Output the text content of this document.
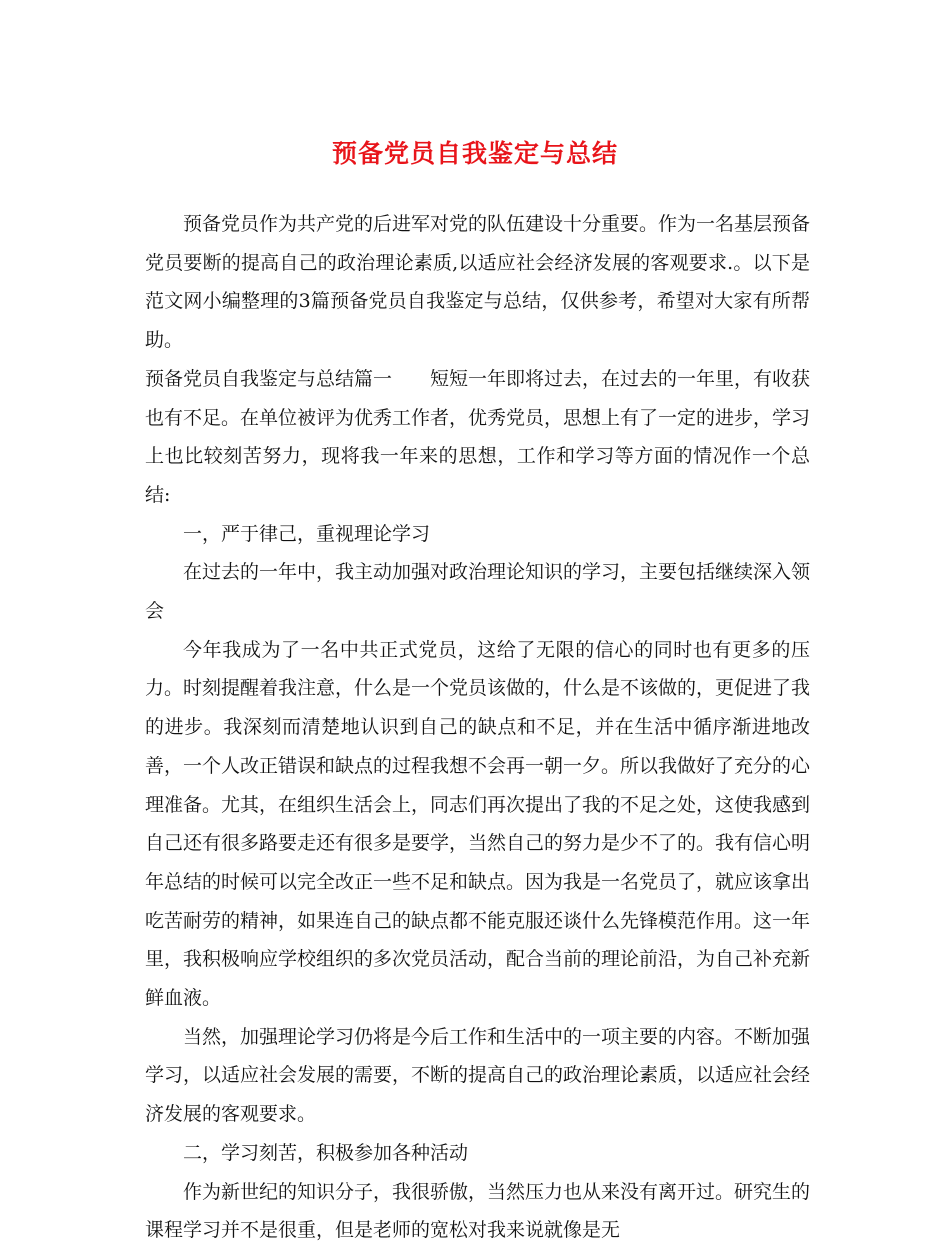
预备党员自我鉴定与总结

预备党员作为共产党的后进军对党的队伍建设十分重要。作为一名基层预备党员要断的提高自己的政治理论素质,以适应社会经济发展的客观要求.。以下是范文网小编整理的3篇预备党员自我鉴定与总结，仅供参考，希望对大家有所帮助。

预备党员自我鉴定与总结篇一　　短短一年即将过去，在过去的一年里，有收获也有不足。在单位被评为优秀工作者，优秀党员，思想上有了一定的进步，学习上也比较刻苦努力，现将我一年来的思想，工作和学习等方面的情况作一个总结:

一，严于律己，重视理论学习

在过去的一年中，我主动加强对政治理论知识的学习，主要包括继续深入领会

今年我成为了一名中共正式党员，这给了无限的信心的同时也有更多的压力。时刻提醒着我注意，什么是一个党员该做的，什么是不该做的，更促进了我的进步。我深刻而清楚地认识到自己的缺点和不足，并在生活中循序渐进地改善，一个人改正错误和缺点的过程我想不会再一朝一夕。所以我做好了充分的心理准备。尤其，在组织生活会上，同志们再次提出了我的不足之处，这使我感到自己还有很多路要走还有很多是要学，当然自己的努力是少不了的。我有信心明年总结的时候可以完全改正一些不足和缺点。因为我是一名党员了，就应该拿出吃苦耐劳的精神，如果连自己的缺点都不能克服还谈什么先锋模范作用。这一年里，我积极响应学校组织的多次党员活动，配合当前的理论前沿，为自己补充新鲜血液。

当然，加强理论学习仍将是今后工作和生活中的一项主要的内容。不断加强学习，以适应社会发展的需要，不断的提高自己的政治理论素质，以适应社会经济发展的客观要求。

二，学习刻苦，积极参加各种活动

作为新世纪的知识分子，我很骄傲，当然压力也从来没有离开过。研究生的课程学习并不是很重，但是老师的宽松对我来说就像是无
